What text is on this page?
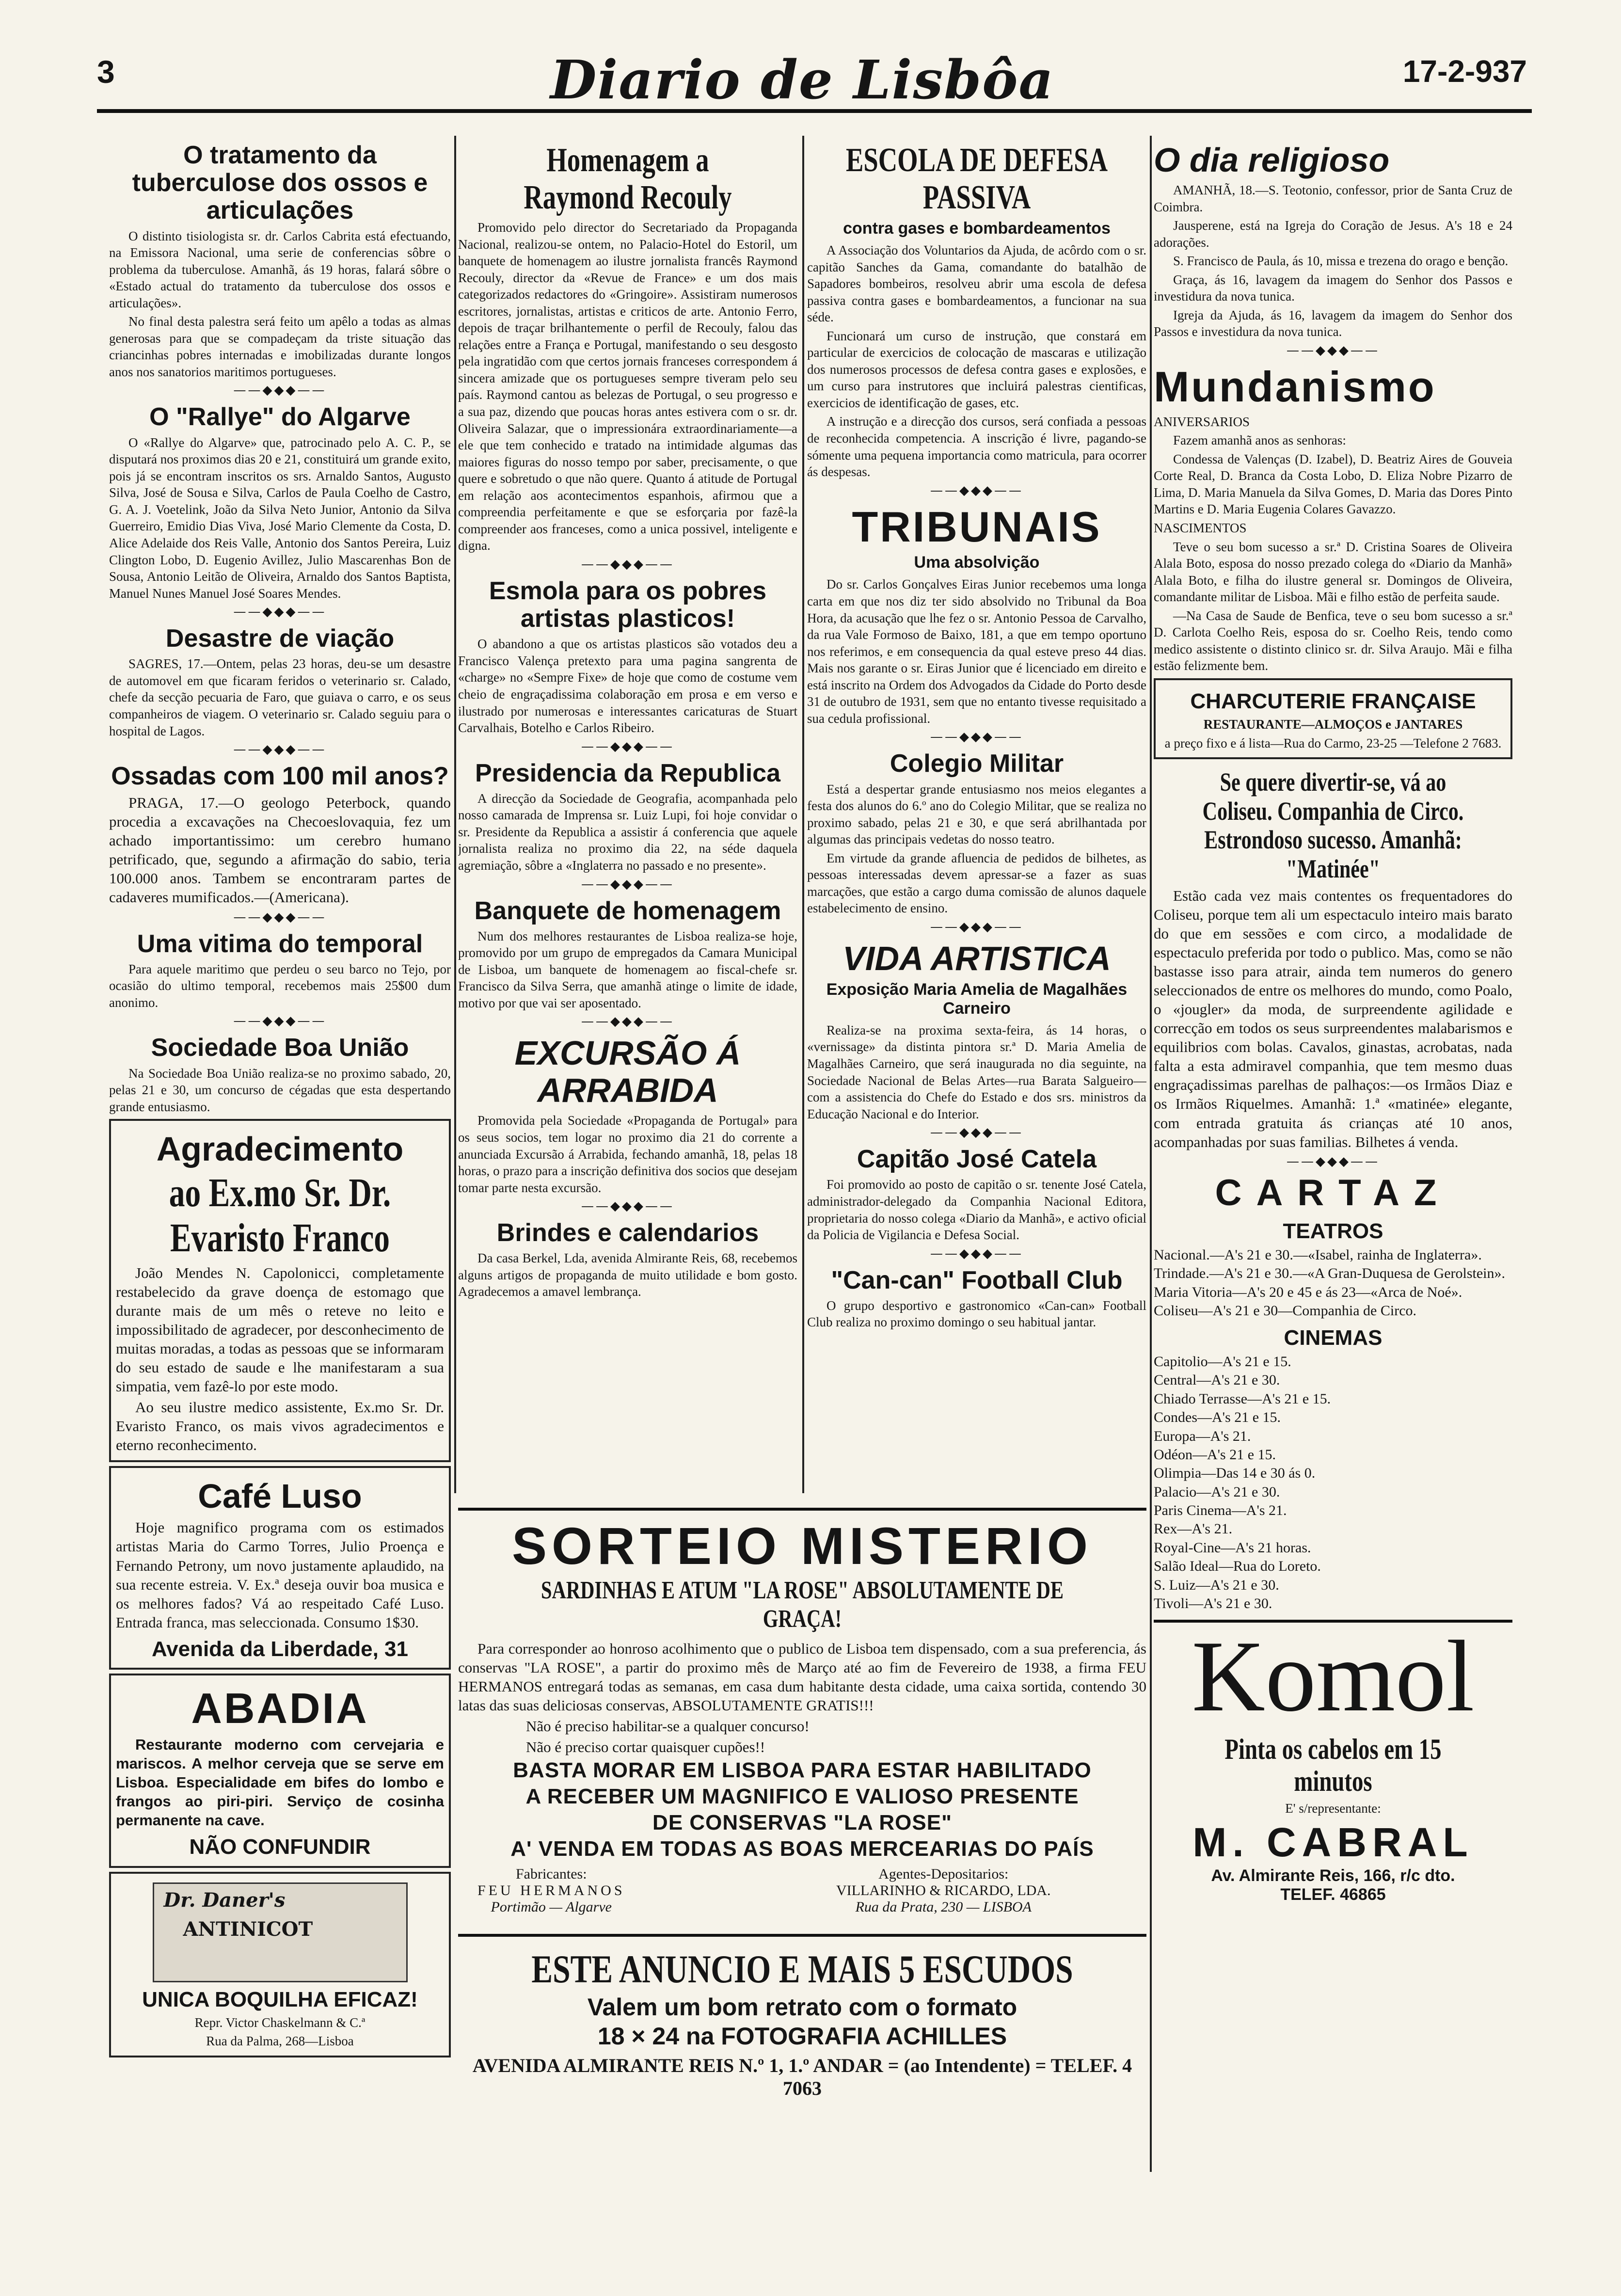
3	Diario de Lisbôa	17-2-937
O tratamento da tuberculose dos ossos e articulações

O distinto tisiologista sr. dr. Carlos Cabrita está efectuando, na Emissora Nacional, uma serie de conferencias sôbre o problema da tuberculose. Amanhã, ás 19 horas, falará sôbre o «Estado actual do tratamento da tuberculose dos ossos e articulações».

No final desta palestra será feito um apêlo a todas as almas generosas para que se compadeçam da triste situação das criancinhas pobres internadas e imobilizadas durante longos anos nos sanatorios maritimos portugueses.

——◆◆◆——
O "Rallye" do Algarve

O «Rallye do Algarve» que, patrocinado pelo A. C. P., se disputará nos proximos dias 20 e 21, constituirá um grande exito, pois já se encontram inscritos os srs. Arnaldo Santos, Augusto Silva, José de Sousa e Silva, Carlos de Paula Coelho de Castro, G. A. J. Voetelink, João da Silva Neto Junior, Antonio da Silva Guerreiro, Emidio Dias Viva, José Mario Clemente da Costa, D. Alice Adelaide dos Reis Valle, Antonio dos Santos Pereira, Luiz Clington Lobo, D. Eugenio Avillez, Julio Mascarenhas Bon de Sousa, Antonio Leitão de Oliveira, Arnaldo dos Santos Baptista, Manuel Nunes Manuel José Soares Mendes.

——◆◆◆——
Desastre de viação

SAGRES, 17.—Ontem, pelas 23 horas, deu-se um desastre de automovel em que ficaram feridos o veterinario sr. Calado, chefe da secção pecuaria de Faro, que guiava o carro, e os seus companheiros de viagem. O veterinario sr. Calado seguiu para o hospital de Lagos.

——◆◆◆——
Ossadas com 100 mil anos?

PRAGA, 17.—O geologo Peterbock, quando procedia a excavações na Checoeslovaquia, fez um achado importantissimo: um cerebro humano petrificado, que, segundo a afirmação do sabio, teria 100.000 anos. Tambem se encontraram partes de cadaveres mumificados.—(Americana).

——◆◆◆——
Uma vitima do temporal

Para aquele maritimo que perdeu o seu barco no Tejo, por ocasião do ultimo temporal, recebemos mais 25$00 dum anonimo.

——◆◆◆——
Sociedade Boa União

Na Sociedade Boa União realiza-se no proximo sabado, 20, pelas 21 e 30, um concurso de cégadas que esta despertando grande entusiasmo.

Agradecimento
ao Ex.mo Sr. Dr. Evaristo Franco

João Mendes N. Capolonicci, completamente restabelecido da grave doença de estomago que durante mais de um mês o reteve no leito e impossibilitado de agradecer, por desconhecimento de muitas moradas, a todas as pessoas que se informaram do seu estado de saude e lhe manifestaram a sua simpatia, vem fazê-lo por este modo.

Ao seu ilustre medico assistente, Ex.mo Sr. Dr. Evaristo Franco, os mais vivos agradecimentos e eterno reconhecimento.

Café Luso

Hoje magnifico programa com os estimados artistas Maria do Carmo Torres, Julio Proença e Fernando Petrony, um novo justamente aplaudido, na sua recente estreia. V. Ex.ª deseja ouvir boa musica e os melhores fados? Vá ao respeitado Café Luso. Entrada franca, mas seleccionada. Consumo 1$30.

Avenida da Liberdade, 31
ABADIA

Restaurante moderno com cervejaria e mariscos. A melhor cerveja que se serve em Lisboa. Especialidade em bifes do lombo e frangos ao piri-piri. Serviço de cosinha permanente na cave.

NÃO CONFUNDIR
Dr. Daner's
ANTINICOT
UNICA BOQUILHA EFICAZ!

Repr. Victor Chaskelmann & C.ª

Rua da Palma, 268—Lisboa

Homenagem a Raymond Recouly

Promovido pelo director do Secretariado da Propaganda Nacional, realizou-se ontem, no Palacio-Hotel do Estoril, um banquete de homenagem ao ilustre jornalista francês Raymond Recouly, director da «Revue de France» e um dos mais categorizados redactores do «Gringoire». Assistiram numerosos escritores, jornalistas, artistas e criticos de arte. Antonio Ferro, depois de traçar brilhantemente o perfil de Recouly, falou das relações entre a França e Portugal, manifestando o seu desgosto pela ingratidão com que certos jornais franceses correspondem á sincera amizade que os portugueses sempre tiveram pelo seu país. Raymond cantou as belezas de Portugal, o seu progresso e a sua paz, dizendo que poucas horas antes estivera com o sr. dr. Oliveira Salazar, que o impressionára extraordinariamente—a ele que tem conhecido e tratado na intimidade algumas das maiores figuras do nosso tempo por saber, precisamente, o que quere e sobretudo o que não quere. Quanto á atitude de Portugal em relação aos acontecimentos espanhois, afirmou que a compreendia perfeitamente e que se esforçaria por fazê-la compreender aos franceses, como a unica possivel, inteligente e digna.

——◆◆◆——
Esmola para os pobres artistas plasticos!

O abandono a que os artistas plasticos são votados deu a Francisco Valença pretexto para uma pagina sangrenta de «charge» no «Sempre Fixe» de hoje que como de costume vem cheio de engraçadissima colaboração em prosa e em verso e ilustrado por numerosas e interessantes caricaturas de Stuart Carvalhais, Botelho e Carlos Ribeiro.

——◆◆◆——
Presidencia da Republica

A direcção da Sociedade de Geografia, acompanhada pelo nosso camarada de Imprensa sr. Luiz Lupi, foi hoje convidar o sr. Presidente da Republica a assistir á conferencia que aquele jornalista realiza no proximo dia 22, na séde daquela agremiação, sôbre a «Inglaterra no passado e no presente».

——◆◆◆——
Banquete de homenagem

Num dos melhores restaurantes de Lisboa realiza-se hoje, promovido por um grupo de empregados da Camara Municipal de Lisboa, um banquete de homenagem ao fiscal-chefe sr. Francisco da Silva Serra, que amanhã atinge o limite de idade, motivo por que vai ser aposentado.

——◆◆◆——
EXCURSÃO Á ARRABIDA

Promovida pela Sociedade «Propaganda de Portugal» para os seus socios, tem logar no proximo dia 21 do corrente a anunciada Excursão á Arrabida, fechando amanhã, 18, pelas 18 horas, o prazo para a inscrição definitiva dos socios que desejam tomar parte nesta excursão.

——◆◆◆——
Brindes e calendarios

Da casa Berkel, Lda, avenida Almirante Reis, 68, recebemos alguns artigos de propaganda de muito utilidade e bom gosto. Agradecemos a amavel lembrança.

ESCOLA DE DEFESA PASSIVA
contra gases e bombardeamentos

A Associação dos Voluntarios da Ajuda, de acôrdo com o sr. capitão Sanches da Gama, comandante do batalhão de Sapadores bombeiros, resolveu abrir uma escola de defesa passiva contra gases e bombardeamentos, a funcionar na sua séde.

Funcionará um curso de instrução, que constará em particular de exercicios de colocação de mascaras e utilização dos numerosos processos de defesa contra gases e explosões, e um curso para instrutores que incluirá palestras cientificas, exercicios de identificação de gases, etc.

A instrução e a direcção dos cursos, será confiada a pessoas de reconhecida competencia. A inscrição é livre, pagando-se sómente uma pequena importancia como matricula, para ocorrer ás despesas.

——◆◆◆——
TRIBUNAIS
Uma absolvição

Do sr. Carlos Gonçalves Eiras Junior recebemos uma longa carta em que nos diz ter sido absolvido no Tribunal da Boa Hora, da acusação que lhe fez o sr. Antonio Pessoa de Carvalho, da rua Vale Formoso de Baixo, 181, a que em tempo oportuno nos referimos, e em consequencia da qual esteve preso 44 dias. Mais nos garante o sr. Eiras Junior que é licenciado em direito e está inscrito na Ordem dos Advogados da Cidade do Porto desde 31 de outubro de 1931, sem que no entanto tivesse requisitado a sua cedula profissional.

——◆◆◆——
Colegio Militar

Está a despertar grande entusiasmo nos meios elegantes a festa dos alunos do 6.º ano do Colegio Militar, que se realiza no proximo sabado, pelas 21 e 30, e que será abrilhantada por algumas das principais vedetas do nosso teatro.

Em virtude da grande afluencia de pedidos de bilhetes, as pessoas interessadas devem apressar-se a fazer as suas marcações, que estão a cargo duma comissão de alunos daquele estabelecimento de ensino.

——◆◆◆——
VIDA ARTISTICA
Exposição Maria Amelia de Magalhães Carneiro

Realiza-se na proxima sexta-feira, ás 14 horas, o «vernissage» da distinta pintora sr.ª D. Maria Amelia de Magalhães Carneiro, que será inaugurada no dia seguinte, na Sociedade Nacional de Belas Artes—rua Barata Salgueiro—com a assistencia do Chefe do Estado e dos srs. ministros da Educação Nacional e do Interior.

——◆◆◆——
Capitão José Catela

Foi promovido ao posto de capitão o sr. tenente José Catela, administrador-delegado da Companhia Nacional Editora, proprietaria do nosso colega «Diario da Manhã», e activo oficial da Policia de Vigilancia e Defesa Social.

——◆◆◆——
"Can-can" Football Club

O grupo desportivo e gastronomico «Can-can» Football Club realiza no proximo domingo o seu habitual jantar.

O dia religioso

AMANHÃ, 18.—S. Teotonio, confessor, prior de Santa Cruz de Coimbra.

Jausperene, está na Igreja do Coração de Jesus. A's 18 e 24 adorações.

S. Francisco de Paula, ás 10, missa e trezena do orago e benção.

Graça, ás 16, lavagem da imagem do Senhor dos Passos e investidura da nova tunica.

Igreja da Ajuda, ás 16, lavagem da imagem do Senhor dos Passos e investidura da nova tunica.

——◆◆◆——
Mundanismo

ANIVERSARIOS

Fazem amanhã anos as senhoras:

Condessa de Valenças (D. Izabel), D. Beatriz Aires de Gouveia Corte Real, D. Branca da Costa Lobo, D. Eliza Nobre Pizarro de Lima, D. Maria Manuela da Silva Gomes, D. Maria das Dores Pinto Martins e D. Maria Eugenia Colares Gavazzo.

NASCIMENTOS

Teve o seu bom sucesso a sr.ª D. Cristina Soares de Oliveira Alala Boto, esposa do nosso prezado colega do «Diario da Manhã» Alala Boto, e filha do ilustre general sr. Domingos de Oliveira, comandante militar de Lisboa. Mãi e filho estão de perfeita saude.

—Na Casa de Saude de Benfica, teve o seu bom sucesso a sr.ª D. Carlota Coelho Reis, esposa do sr. Coelho Reis, tendo como medico assistente o distinto clinico sr. dr. Silva Araujo. Mãi e filha estão felizmente bem.

CHARCUTERIE FRANÇAISE

RESTAURANTE—ALMOÇOS e JANTARES

a preço fixo e á lista—Rua do Carmo, 23-25 —Telefone 2 7683.

Se quere divertir-se, vá ao Coliseu. Companhia de Circo. Estrondoso sucesso. Amanhã: "Matinée"

Estão cada vez mais contentes os frequentadores do Coliseu, porque tem ali um espectaculo inteiro mais barato do que em sessões e com circo, a modalidade de espectaculo preferida por todo o publico. Mas, como se não bastasse isso para atrair, ainda tem numeros do genero seleccionados de entre os melhores do mundo, como Poalo, o «jougler» da moda, de surpreendente agilidade e correcção em todos os seus surpreendentes malabarismos e equilibrios com bolas. Cavalos, ginastas, acrobatas, nada falta a esta admiravel companhia, que tem mesmo duas engraçadissimas parelhas de palhaços:—os Irmãos Diaz e os Irmãos Riquelmes. Amanhã: 1.ª «matinée» elegante, com entrada gratuita ás crianças até 10 anos, acompanhadas por suas familias. Bilhetes á venda.

——◆◆◆——
CARTAZ
TEATROS

Nacional.—A's 21 e 30.—«Isabel, rainha de Inglaterra».

Trindade.—A's 21 e 30.—«A Gran-Duquesa de Gerolstein».

Maria Vitoria—A's 20 e 45 e ás 23—«Arca de Noé».

Coliseu—A's 21 e 30—Companhia de Circo.

CINEMAS

Capitolio—A's 21 e 15.

Central—A's 21 e 30.

Chiado Terrasse—A's 21 e 15.

Condes—A's 21 e 15.

Europa—A's 21.

Odéon—A's 21 e 15.

Olimpia—Das 14 e 30 ás 0.

Palacio—A's 21 e 30.

Paris Cinema—A's 21.

Rex—A's 21.

Royal-Cine—A's 21 horas.

Salão Ideal—Rua do Loreto.

S. Luiz—A's 21 e 30.

Tivoli—A's 21 e 30.

Komol
Pinta os cabelos em 15 minutos

E' s/representante:

M. CABRAL
Av. Almirante Reis, 166, r/c dto.
TELEF. 46865
SORTEIO MISTERIO
SARDINHAS E ATUM "LA ROSE" ABSOLUTAMENTE DE GRAÇA!

Para corresponder ao honroso acolhimento que o publico de Lisboa tem dispensado, com a sua preferencia, ás conservas "LA ROSE", a partir do proximo mês de Março até ao fim de Fevereiro de 1938, a firma FEU HERMANOS entregará todas as semanas, em casa dum habitante desta cidade, uma caixa sortida, contendo 30 latas das suas deliciosas conservas, ABSOLUTAMENTE GRATIS!!!

Não é preciso habilitar-se a qualquer concurso!

Não é preciso cortar quaisquer cupões!!

BASTA MORAR EM LISBOA PARA ESTAR HABILITADO
A RECEBER UM MAGNIFICO E VALIOSO PRESENTE
DE CONSERVAS "LA ROSE"
A' VENDA EM TODAS AS BOAS MERCEARIAS DO PAÍS
Fabricantes:
FEU HERMANOS
Portimão — Algarve
Agentes-Depositarios:
VILLARINHO & RICARDO, LDA.
Rua da Prata, 230 — LISBOA
ESTE ANUNCIO E MAIS 5 ESCUDOS
Valem um bom retrato com o formato
18 × 24 na FOTOGRAFIA ACHILLES
AVENIDA ALMIRANTE REIS N.º 1, 1.º ANDAR = (ao Intendente) = TELEF. 4 7063
